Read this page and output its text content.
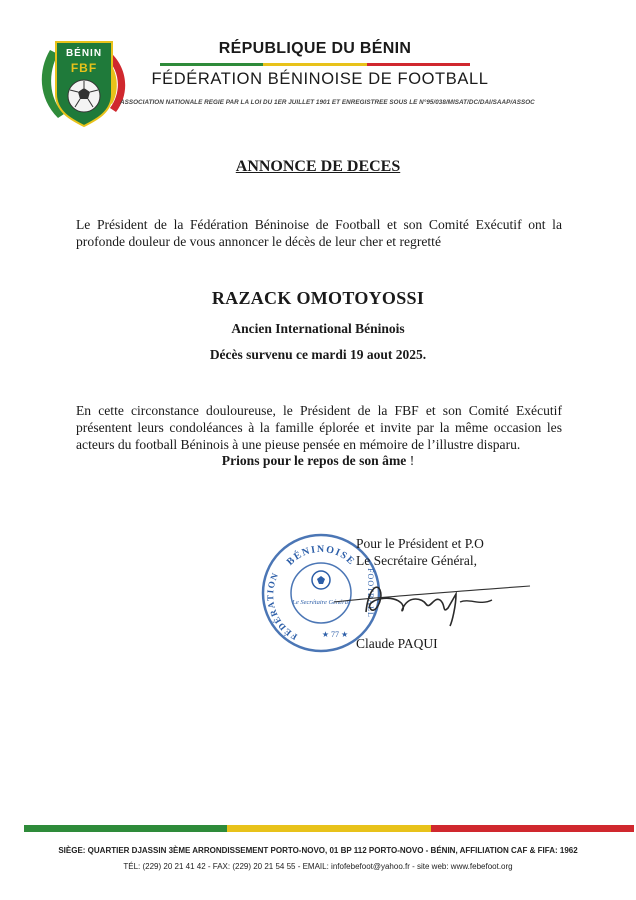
BÉNIN
FBF
RÉPUBLIQUE DU BÉNIN
FÉDÉRATION BÉNINOISE DE FOOTBALL
ASSOCIATION NATIONALE REGIE PAR LA LOI DU 1ER JUILLET 1901 ET ENREGISTREE SOUS LE N°95/038/MISAT/DC/DAI/SAAP/ASSOC
ANNONCE DE DECES
Le Président de la Fédération Béninoise de Football et son Comité Exécutif ont la profonde douleur de vous annoncer le décès de leur cher et regretté
RAZACK OMOTOYOSSI
Ancien International Béninois
Décès survenu ce mardi 19 aout 2025.
En cette circonstance douloureuse, le Président de la FBF et son Comité Exécutif présentent leurs condoléances à la famille éplorée et invite par la même occasion les acteurs du football Béninois à une pieuse pensée en mémoire de l’illustre disparu.
Prions pour le repos de son âme !
BÉNINOISE
FÉDÉRATION
Le Secrétaire Général
★ 77 ★
FOOTBALL
Pour le Président et P.O
Le Secrétaire Général,
Claude PAQUI
SIÈGE: QUARTIER DJASSIN 3ÈME ARRONDISSEMENT PORTO-NOVO, 01 BP 112 PORTO-NOVO - BÉNIN, AFFILIATION CAF & FIFA: 1962
TÉL: (229) 20 21 41 42 - FAX: (229) 20 21 54 55 - EMAIL: infofebefoot@yahoo.fr - site web: www.febefoot.org
